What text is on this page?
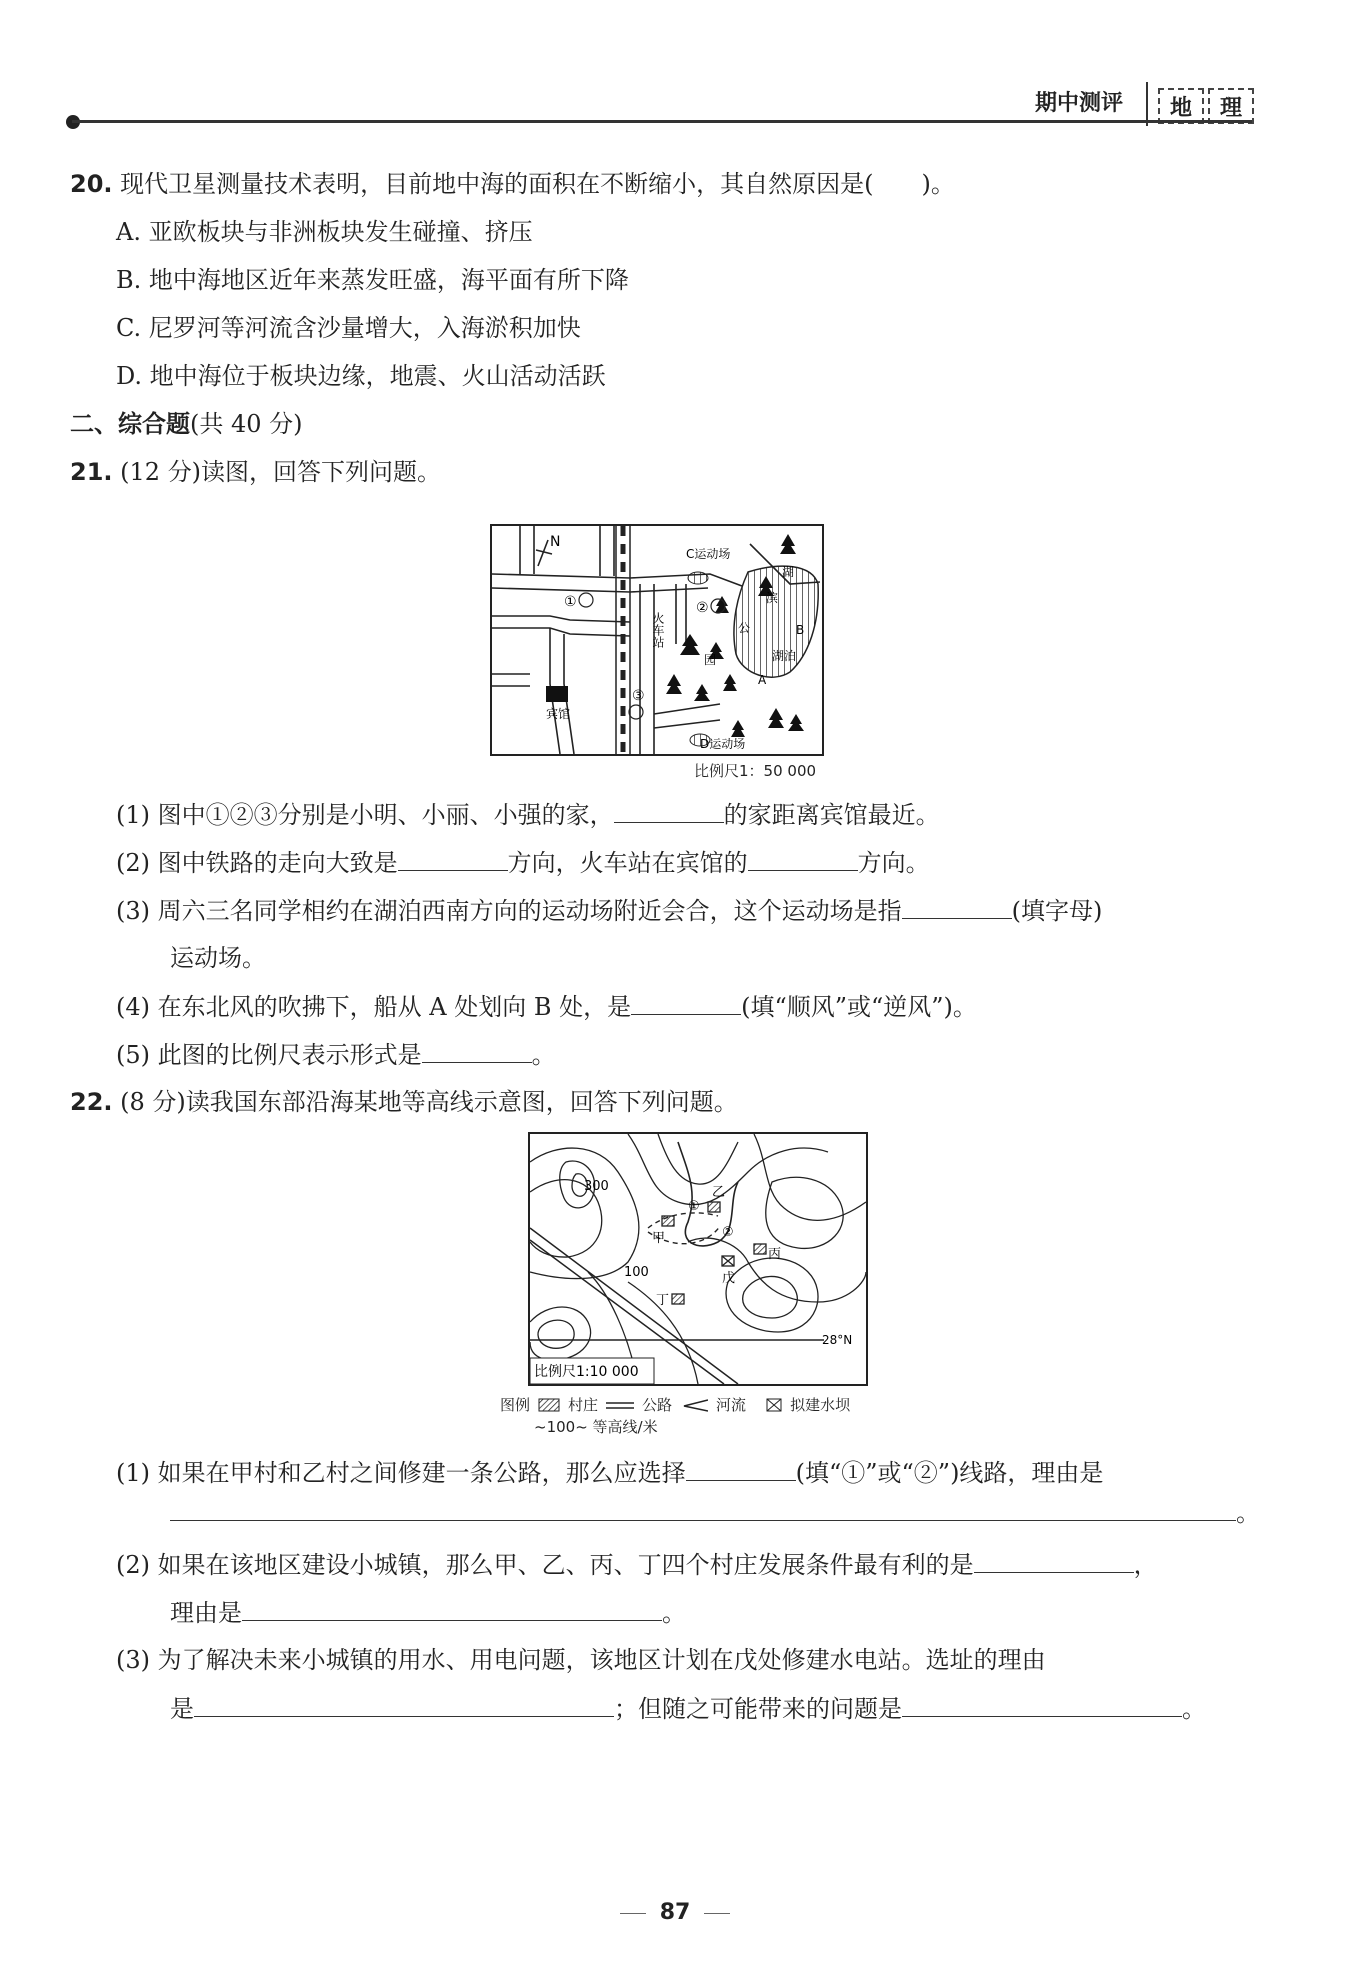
期中测评	地	理
20. 现代卫星测量技术表明，目前地中海的面积在不断缩小，其自然原因是(　　)。
A. 亚欧板块与非洲板块发生碰撞、挤压
B. 地中海地区近年来蒸发旺盛，海平面有所下降
C. 尼罗河等河流含沙量增大，入海淤积加快
D. 地中海位于板块边缘，地震、火山活动活跃
二、综合题(共 40 分)
21. (12 分)读图，回答下列问题。
N
C运动场
D运动场
湖
滨
公
园	湖泊
宾馆
①	②
③
A
B
火车站
比例尺1：50 000
(1) 图中①②③分别是小明、小丽、小强的家，	的家距离宾馆最近。
(2) 图中铁路的走向大致是	方向，火车站在宾馆的	方向。
(3) 周六三名同学相约在湖泊西南方向的运动场附近会合，这个运动场是指	(填字母)
运动场。
(4) 在东北风的吹拂下，船从 A 处划向 B 处，是	(填“顺风”或“逆风”)。
(5) 此图的比例尺表示形式是	。
22. (8 分)读我国东部沿海某地等高线示意图，回答下列问题。
300
100
甲
乙
丙
丁
戊
①
②
28°N
比例尺1:10 000
图例	村庄	公路	河流	拟建水坝
~100~ 等高线/米
(1) 如果在甲村和乙村之间修建一条公路，那么应选择	(填“①”或“②”)线路，理由是
。
(2) 如果在该地区建设小城镇，那么甲、乙、丙、丁四个村庄发展条件最有利的是	，
理由是	。
(3) 为了解决未来小城镇的用水、用电问题，该地区计划在戊处修建水电站。选址的理由
是	；但随之可能带来的问题是	。
87
